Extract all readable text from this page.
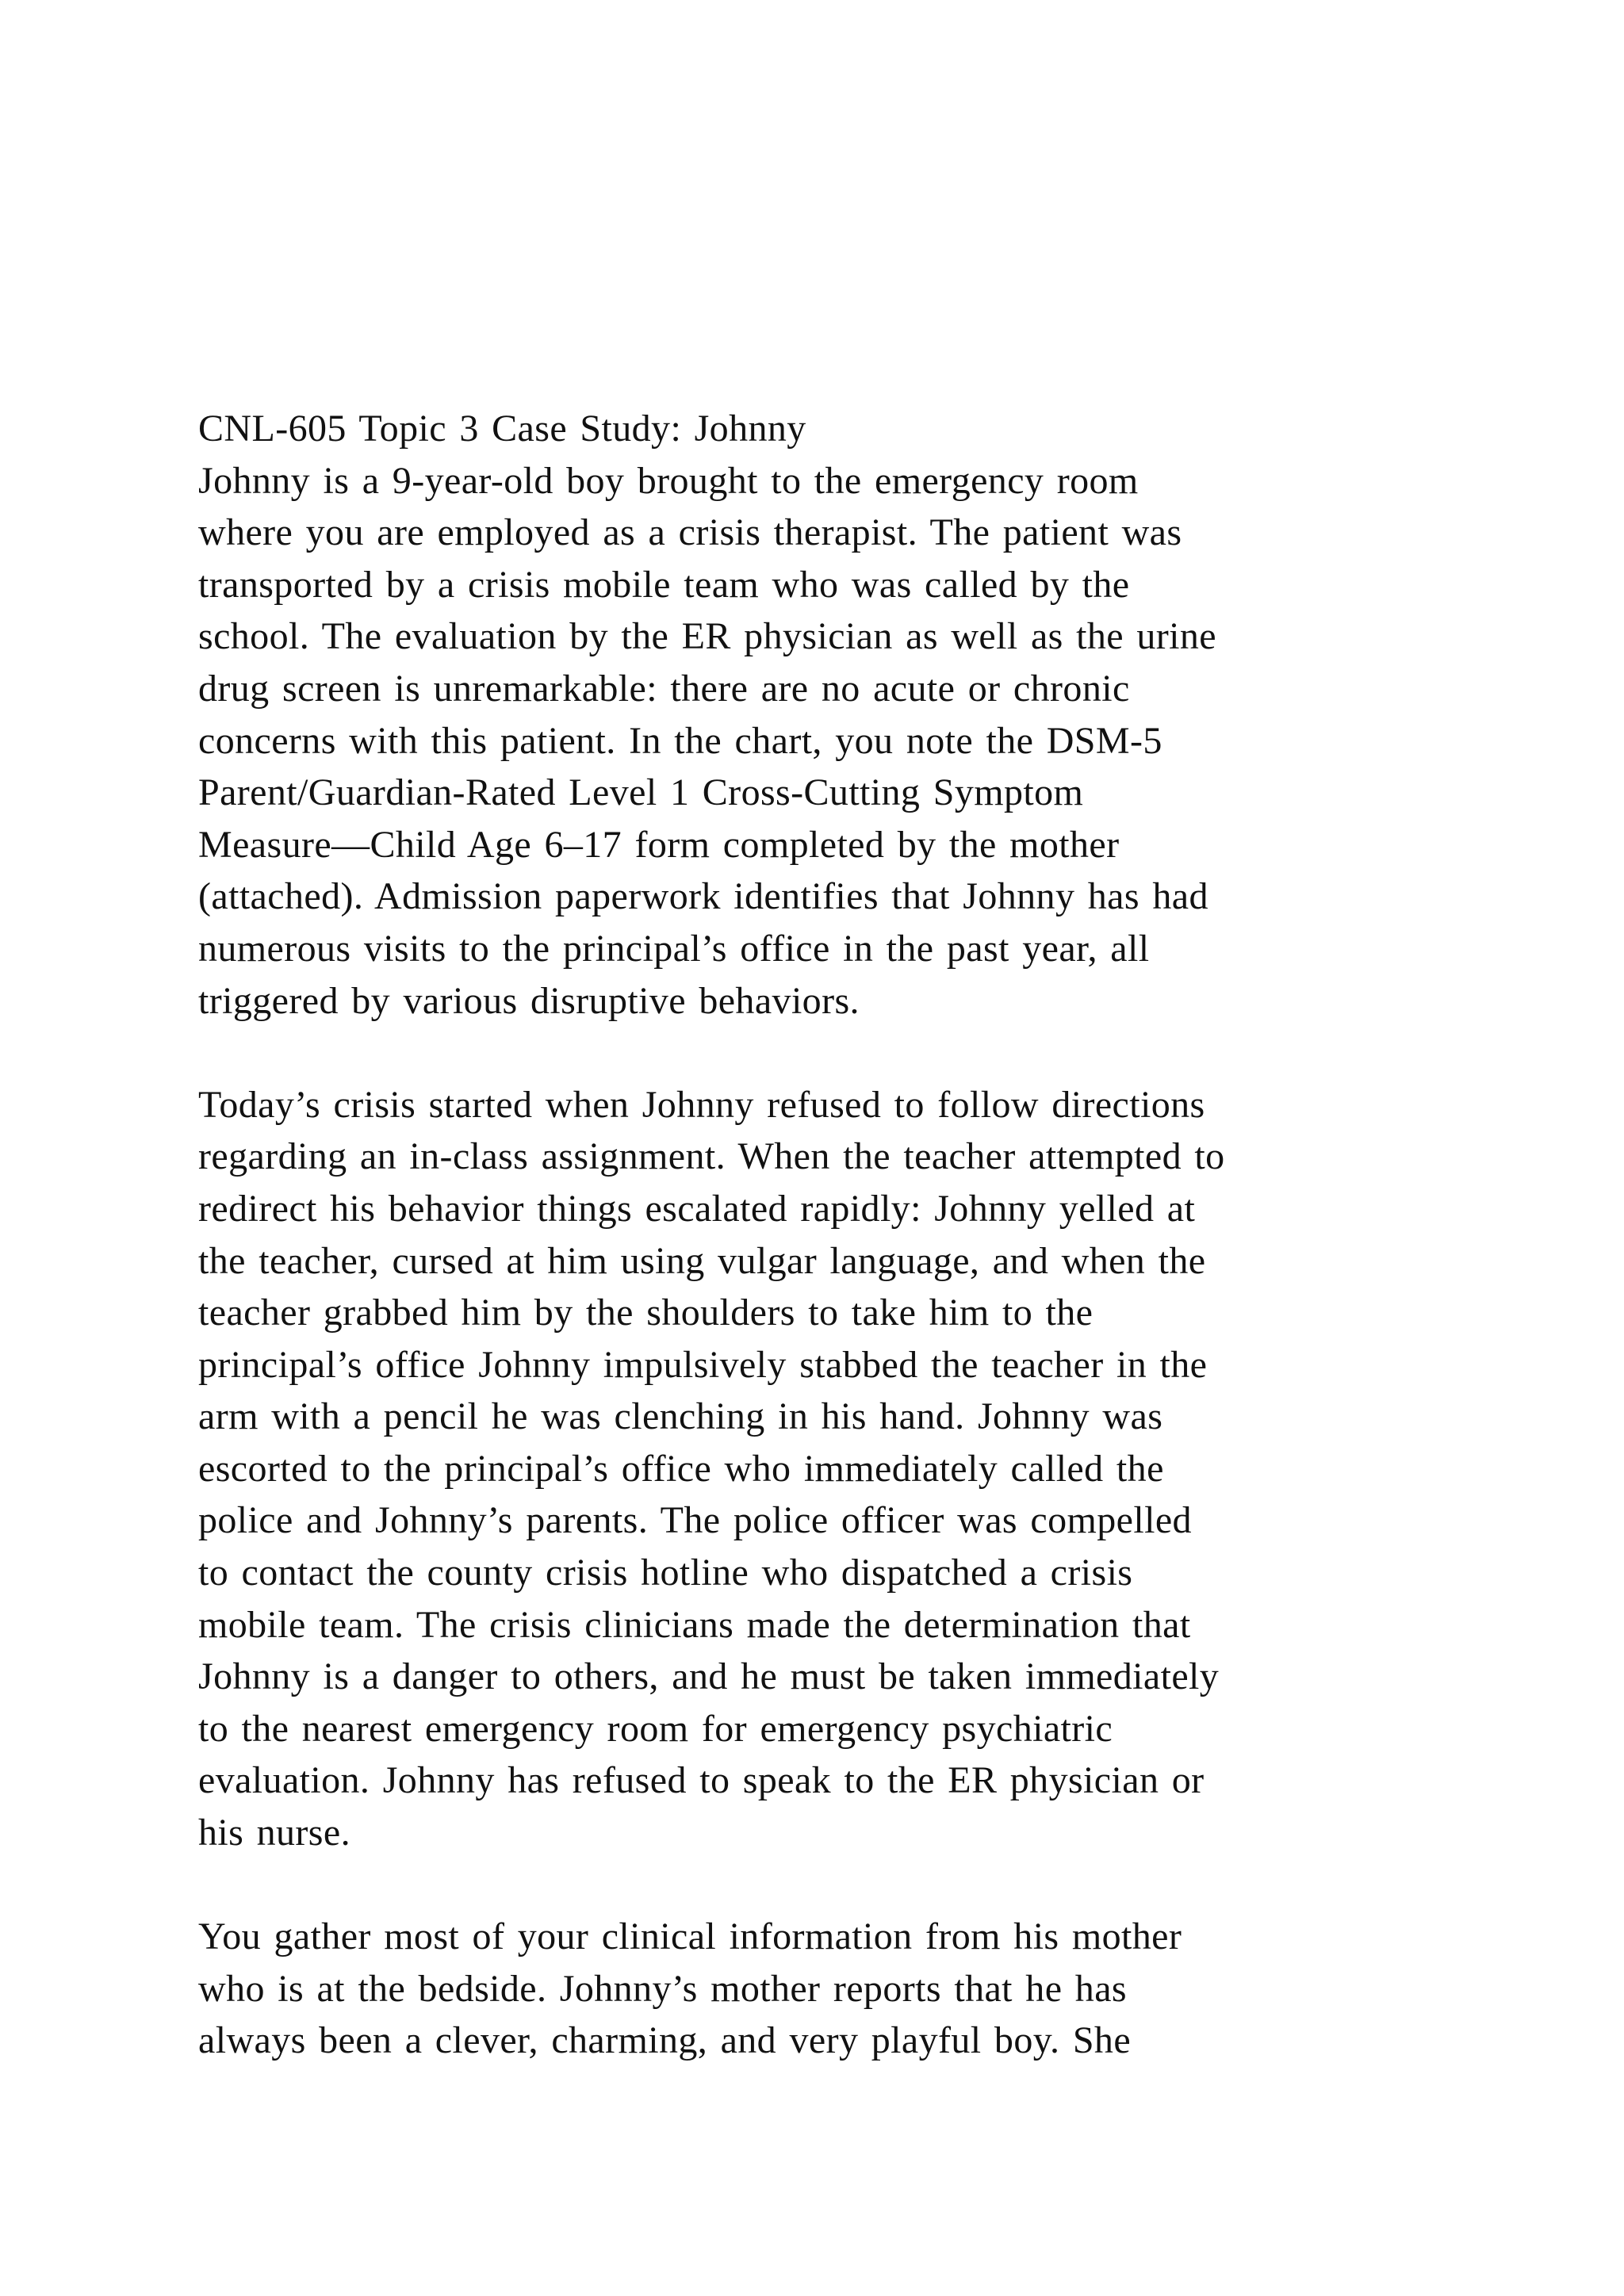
CNL-605 Topic 3 Case Study: Johnny
Johnny is a 9-year-old boy brought to the emergency room
where you are employed as a crisis therapist. The patient was
transported by a crisis mobile team who was called by the
school. The evaluation by the ER physician as well as the urine
drug screen is unremarkable: there are no acute or chronic
concerns with this patient. In the chart, you note the DSM-5
Parent/Guardian-Rated Level 1 Cross-Cutting Symptom
Measure—Child Age 6–17 form completed by the mother
(attached). Admission paperwork identifies that Johnny has had
numerous visits to the principal’s office in the past year, all
triggered by various disruptive behaviors.
Today’s crisis started when Johnny refused to follow directions
regarding an in-class assignment. When the teacher attempted to
redirect his behavior things escalated rapidly: Johnny yelled at
the teacher, cursed at him using vulgar language, and when the
teacher grabbed him by the shoulders to take him to the
principal’s office Johnny impulsively stabbed the teacher in the
arm with a pencil he was clenching in his hand. Johnny was
escorted to the principal’s office who immediately called the
police and Johnny’s parents. The police officer was compelled
to contact the county crisis hotline who dispatched a crisis
mobile team. The crisis clinicians made the determination that
Johnny is a danger to others, and he must be taken immediately
to the nearest emergency room for emergency psychiatric
evaluation. Johnny has refused to speak to the ER physician or
his nurse.
You gather most of your clinical information from his mother
who is at the bedside. Johnny’s mother reports that he has
always been a clever, charming, and very playful boy. She
